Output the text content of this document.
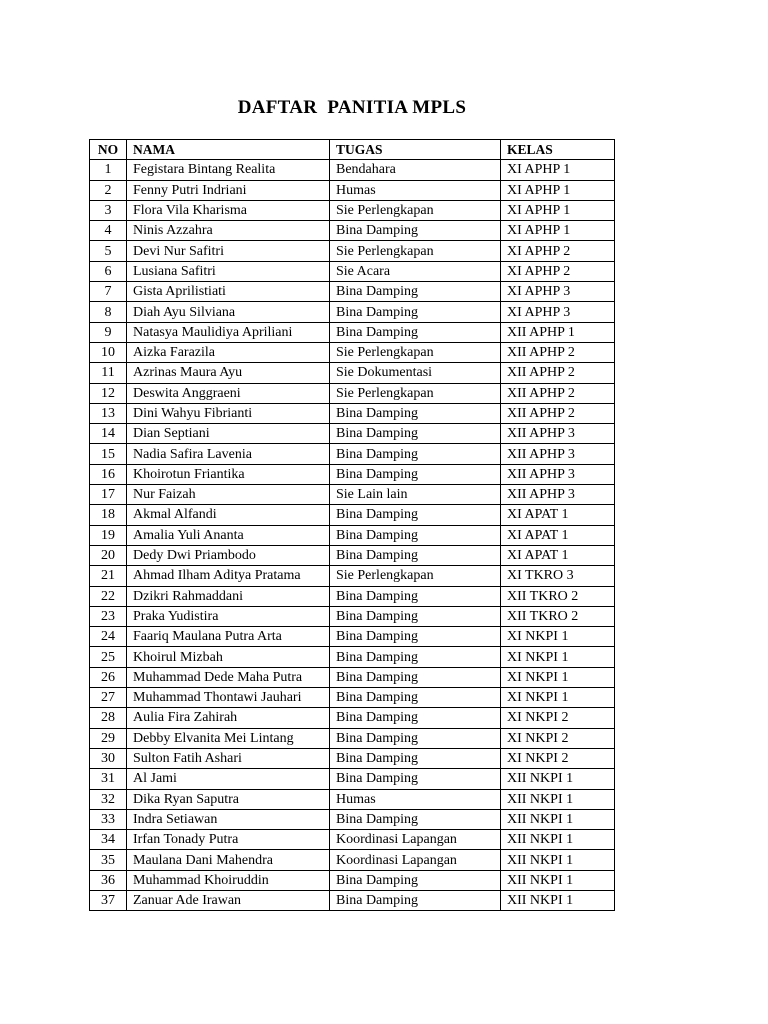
DAFTAR  PANITIA MPLS
NO	NAMA	TUGAS	KELAS
1	Fegistara Bintang Realita	Bendahara	XI APHP 1
2	Fenny Putri Indriani	Humas	XI APHP 1
3	Flora Vila Kharisma	Sie Perlengkapan	XI APHP 1
4	Ninis Azzahra	Bina Damping	XI APHP 1
5	Devi Nur Safitri	Sie Perlengkapan	XI APHP 2
6	Lusiana Safitri	Sie Acara	XI APHP 2
7	Gista Aprilistiati	Bina Damping	XI APHP 3
8	Diah Ayu Silviana	Bina Damping	XI APHP 3
9	Natasya Maulidiya Apriliani	Bina Damping	XII APHP 1
10	Aizka Farazila	Sie Perlengkapan	XII APHP 2
11	Azrinas Maura Ayu	Sie Dokumentasi	XII APHP 2
12	Deswita Anggraeni	Sie Perlengkapan	XII APHP 2
13	Dini Wahyu Fibrianti	Bina Damping	XII APHP 2
14	Dian Septiani	Bina Damping	XII APHP 3
15	Nadia Safira Lavenia	Bina Damping	XII APHP 3
16	Khoirotun Friantika	Bina Damping	XII APHP 3
17	Nur Faizah	Sie Lain lain	XII APHP 3
18	Akmal Alfandi	Bina Damping	XI APAT 1
19	Amalia Yuli Ananta	Bina Damping	XI APAT 1
20	Dedy Dwi Priambodo	Bina Damping	XI APAT 1
21	Ahmad Ilham Aditya Pratama	Sie Perlengkapan	XI TKRO 3
22	Dzikri Rahmaddani	Bina Damping	XII TKRO 2
23	Praka Yudistira	Bina Damping	XII TKRO 2
24	Faariq Maulana Putra Arta	Bina Damping	XI NKPI 1
25	Khoirul Mizbah	Bina Damping	XI NKPI 1
26	Muhammad Dede Maha Putra	Bina Damping	XI NKPI 1
27	Muhammad Thontawi Jauhari	Bina Damping	XI NKPI 1
28	Aulia Fira Zahirah	Bina Damping	XI NKPI 2
29	Debby Elvanita Mei Lintang	Bina Damping	XI NKPI 2
30	Sulton Fatih Ashari	Bina Damping	XI NKPI 2
31	Al Jami	Bina Damping	XII NKPI 1
32	Dika Ryan Saputra	Humas	XII NKPI 1
33	Indra Setiawan	Bina Damping	XII NKPI 1
34	Irfan Tonady Putra	Koordinasi Lapangan	XII NKPI 1
35	Maulana Dani Mahendra	Koordinasi Lapangan	XII NKPI 1
36	Muhammad Khoiruddin	Bina Damping	XII NKPI 1
37	Zanuar Ade Irawan	Bina Damping	XII NKPI 1
